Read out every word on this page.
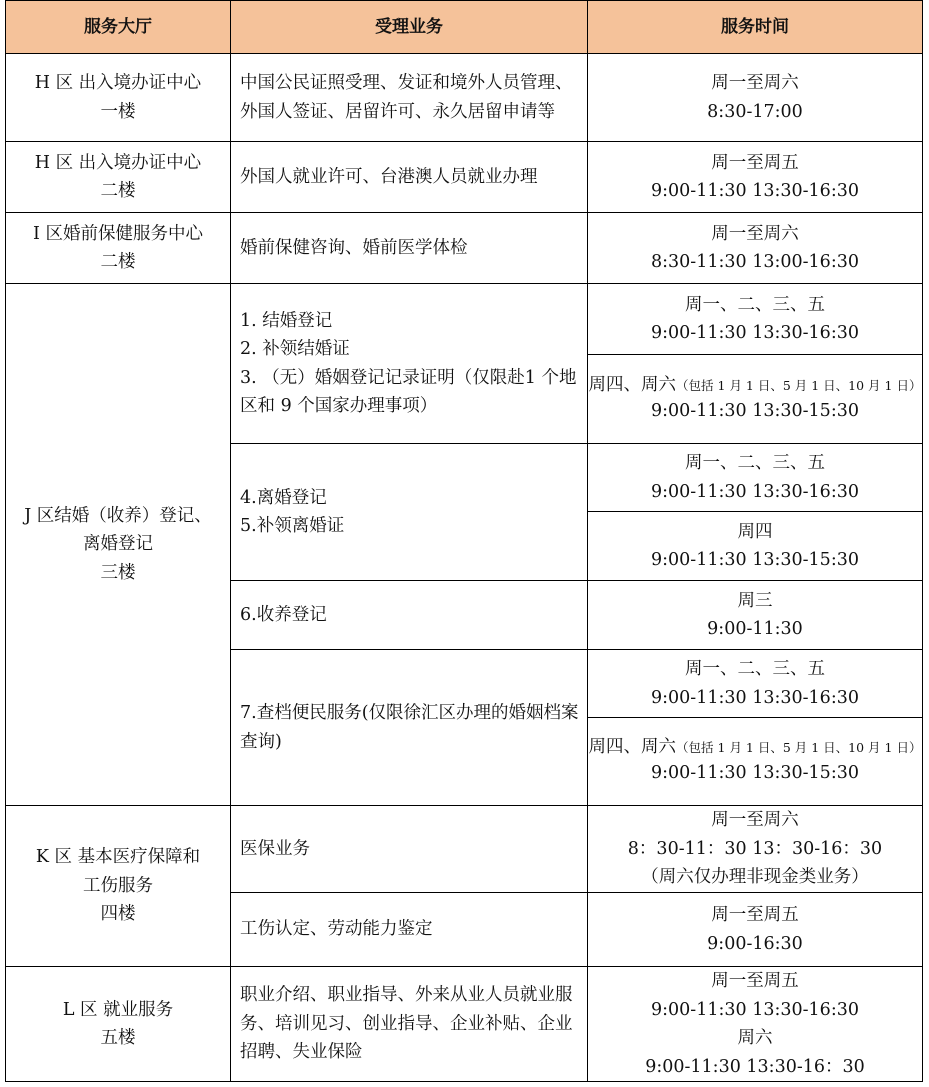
服务大厅	受理业务	服务时间
H 区 出入境办证中心
一楼
H 区 出入境办证中心
二楼
I 区婚前保健服务中心
二楼
J 区结婚（收养）登记、
离婚登记
三楼
K 区 基本医疗保障和
工伤服务
四楼
L 区 就业服务
五楼
中国公民证照受理、发证和境外人员管理、外国人签证、居留许可、永久居留申请等
外国人就业许可、台港澳人员就业办理
婚前保健咨询、婚前医学体检
1. 结婚登记
2. 补领结婚证
3. （无）婚姻登记记录证明（仅限赴1 个地区和 9 个国家办理事项）
4.离婚登记
5.补领离婚证
6.收养登记
7.查档便民服务(仅限徐汇区办理的婚姻档案查询)
医保业务
工伤认定、劳动能力鉴定
职业介绍、职业指导、外来从业人员就业服务、培训见习、创业指导、企业补贴、企业招聘、失业保险
周一至周六
8:30-17:00
周一至周五
9:00-11:30 13:30-16:30
周一至周六
8:30-11:30 13:00-16:30
周一、二、三、五
9:00-11:30 13:30-16:30
周四、周六（包括 1 月 1 日、5 月 1 日、10 月 1 日）
9:00-11:30 13:30-15:30
周一、二、三、五
9:00-11:30 13:30-16:30
周四
9:00-11:30 13:30-15:30
周三
9:00-11:30
周一、二、三、五
9:00-11:30 13:30-16:30
周四、周六（包括 1 月 1 日、5 月 1 日、10 月 1 日）
9:00-11:30 13:30-15:30
周一至周六
8：30-11：30 13：30-16：30
（周六仅办理非现金类业务）
周一至周五
9:00-16:30
周一至周五
9:00-11:30 13:30-16:30
周六
9:00-11:30 13:30-16：30
